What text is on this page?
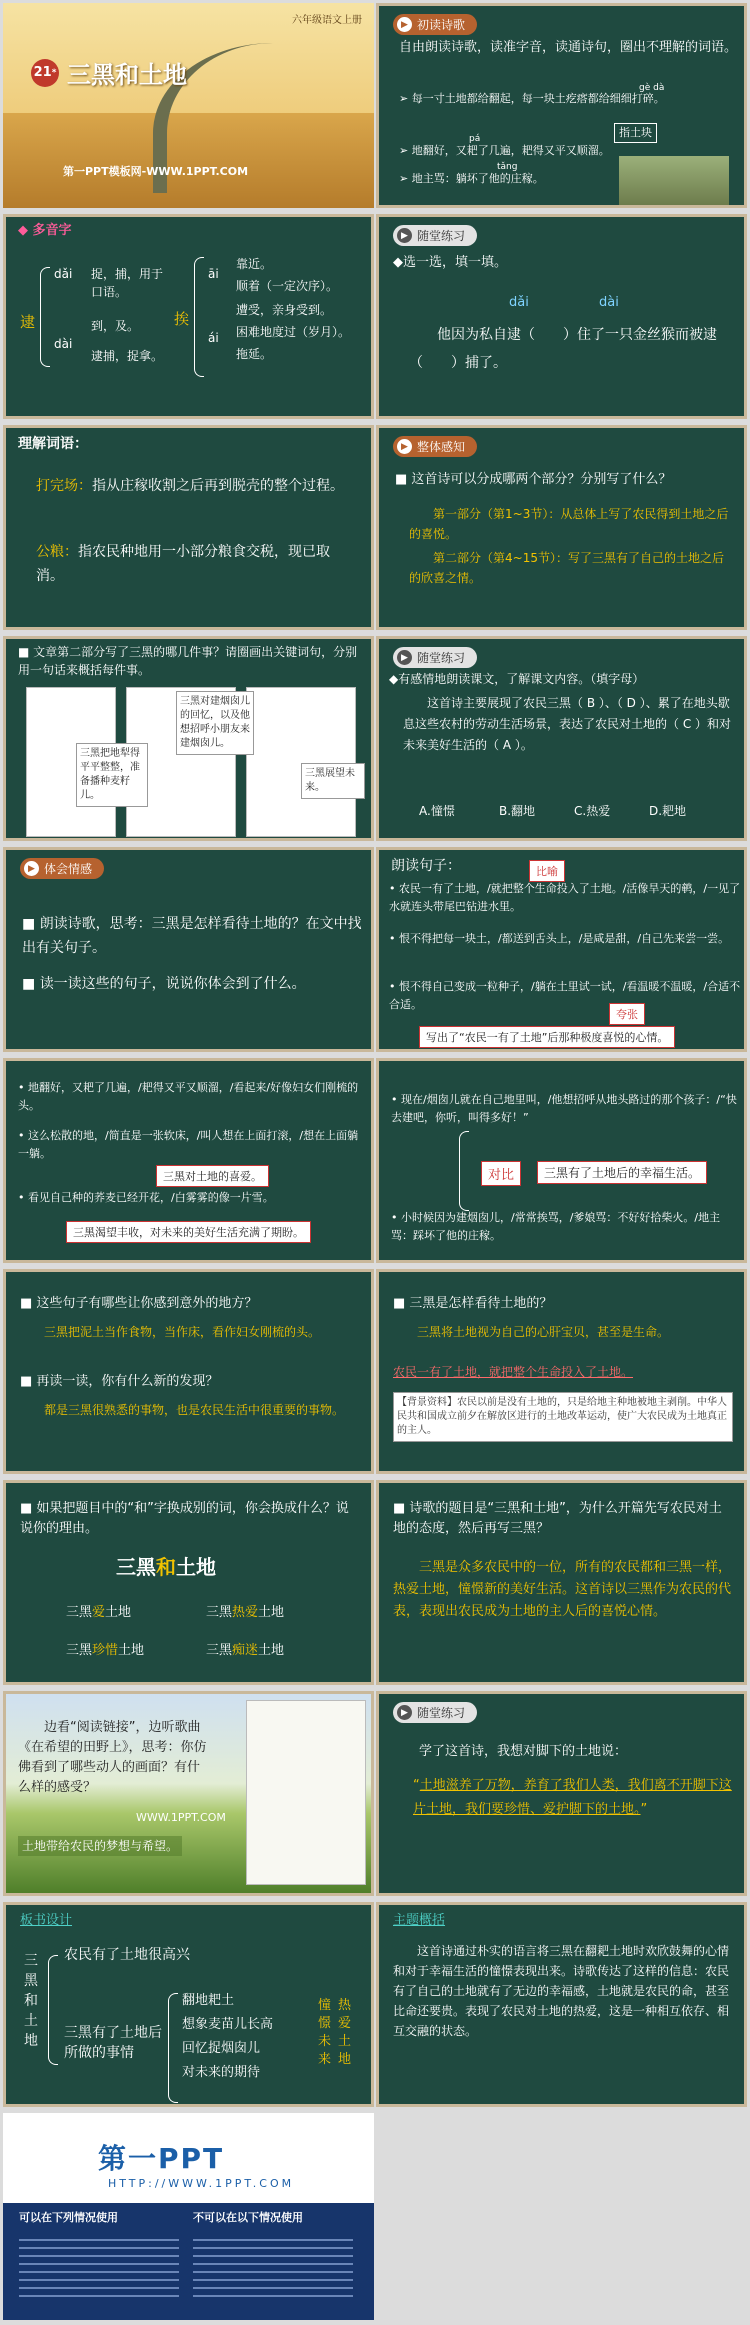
六年级语文上册
21 * 三黑和土地
第一PPT模板网-WWW.1PPT.COM
▶ 初读诗歌
自由朗读诗歌，读准字音，读通诗句，圈出不理解的词语。
gè dà
➢ 每一寸土地都给翻起，每一块土疙瘩都给细细打碎。
指土块
pá
➢ 地翻好，又耙了几遍，耙得又平又顺溜。
tǎng
➢ 地主骂：躺坏了他的庄稼。
◆ 多音字
逮
dǎi 捉，捕，用于口语。
dài
到，及。
逮捕，捉拿。
挨
āi
靠近。
顺着（一定次序）。
ái
遭受，亲身受到。
困难地度过（岁月）。
拖延。
▶ 随堂练习
◆选一选，填一填。
dǎi	dài
他因为私自逮（　　）住了一只金丝猴而被逮（　　）捕了。
理解词语：
打完场：指从庄稼收割之后再到脱壳的整个过程。
公粮：指农民种地用一小部分粮食交税，现已取消。
▶ 整体感知
■ 这首诗可以分成哪两个部分？分别写了什么？
第一部分（第1~3节）：从总体上写了农民得到土地之后的喜悦。
第二部分（第4~15节）：写了三黑有了自己的土地之后的欣喜之情。
■ 文章第二部分写了三黑的哪几件事？请圈画出关键词句，分别用一句话来概括每件事。
三黑把地犁得平平整整，准备播种麦籽儿。
三黑对建烟囱儿的回忆，以及他想招呼小朋友来建烟囱儿。
三黑展望未来。
▶ 随堂练习
◆有感情地朗读课文，了解课文内容。（填字母）
这首诗主要展现了农民三黑（ B ）、（ D ）、累了在地头歇息这些农村的劳动生活场景，表达了农民对土地的（ C ）和对未来美好生活的（ A ）。
A.憧憬	B.翻地	C.热爱	D.耙地
▶ 体会情感
■ 朗读诗歌，思考：三黑是怎样看待土地的？在文中找出有关句子。
■ 读一读这些的句子，说说你体会到了什么。
朗读句子：	比喻
• 农民一有了土地，/就把整个生命投入了土地。/活像旱天的鹌，/一见了水就连头带尾巴钻进水里。
• 恨不得把每一块土，/都送到舌头上，/是咸是甜，/自己先来尝一尝。
• 恨不得自己变成一粒种子，/躺在土里试一试，/看温暖不温暖，/合适不合适。
夸张
写出了“农民一有了土地”后那种极度喜悦的心情。
• 地翻好，又耙了几遍，/耙得又平又顺溜，/看起来/好像妇女们刚梳的头。
• 这么松散的地，/简直是一张软床，/叫人想在上面打滚，/想在上面躺一躺。
三黑对土地的喜爱。
• 看见自己种的荞麦已经开花，/白雾雾的像一片雪。
三黑渴望丰收，对未来的美好生活充满了期盼。
• 现在/烟囱儿就在自己地里叫，/他想招呼从地头路过的那个孩子：/“快去建吧，你听，叫得多好！”
对比	三黑有了土地后的幸福生活。
• 小时候因为建烟囱儿，/常常挨骂，/爹娘骂：不好好拾柴火。/地主骂：踩坏了他的庄稼。
■ 这些句子有哪些让你感到意外的地方？
三黑把泥土当作食物，当作床，看作妇女刚梳的头。
■ 再读一读，你有什么新的发现？
都是三黑很熟悉的事物，也是农民生活中很重要的事物。
■ 三黑是怎样看待土地的？
三黑将土地视为自己的心肝宝贝，甚至是生命。
农民一有了土地，就把整个生命投入了土地。
【背景资料】农民以前是没有土地的，只是给地主种地被地主剥削。中华人民共和国成立前夕在解放区进行的土地改革运动，使广大农民成为土地真正的主人。
■ 如果把题目中的“和”字换成别的词，你会换成什么？说说你的理由。
三黑和土地
三黑爱土地	三黑热爱土地
三黑珍惜土地	三黑痴迷土地
■ 诗歌的题目是“三黑和土地”，为什么开篇先写农民对土地的态度，然后再写三黑？
三黑是众多农民中的一位，所有的农民都和三黑一样，热爱土地，憧憬新的美好生活。这首诗以三黑作为农民的代表，表现出农民成为土地的主人后的喜悦心情。
边看“阅读链接”，边听歌曲《在希望的田野上》，思考：你仿佛看到了哪些动人的画面？有什么样的感受？
土地带给农民的梦想与希望。
WWW.1PPT.COM
▶ 随堂练习
学了这首诗，我想对脚下的土地说：
“土地滋养了万物，养育了我们人类，我们离不开脚下这片土地，我们要珍惜、爱护脚下的土地。”
板书设计
三黑和土地
农民有了土地很高兴
三黑有了土地后所做的事情
翻地耙土
想象麦苗儿长高
回忆捉烟囱儿
对未来的期待
憧憬未来
热爱土地
主题概括
这首诗通过朴实的语言将三黑在翻耙土地时欢欣鼓舞的心情和对于幸福生活的憧憬表现出来。诗歌传达了这样的信息：农民有了自己的土地就有了无边的幸福感，土地就是农民的命，甚至比命还要贵。表现了农民对土地的热爱，这是一种相互依存、相互交融的状态。
第一PPT
HTTP://WWW.1PPT.COM
可以在下列情况使用	不可以在以下情况使用
